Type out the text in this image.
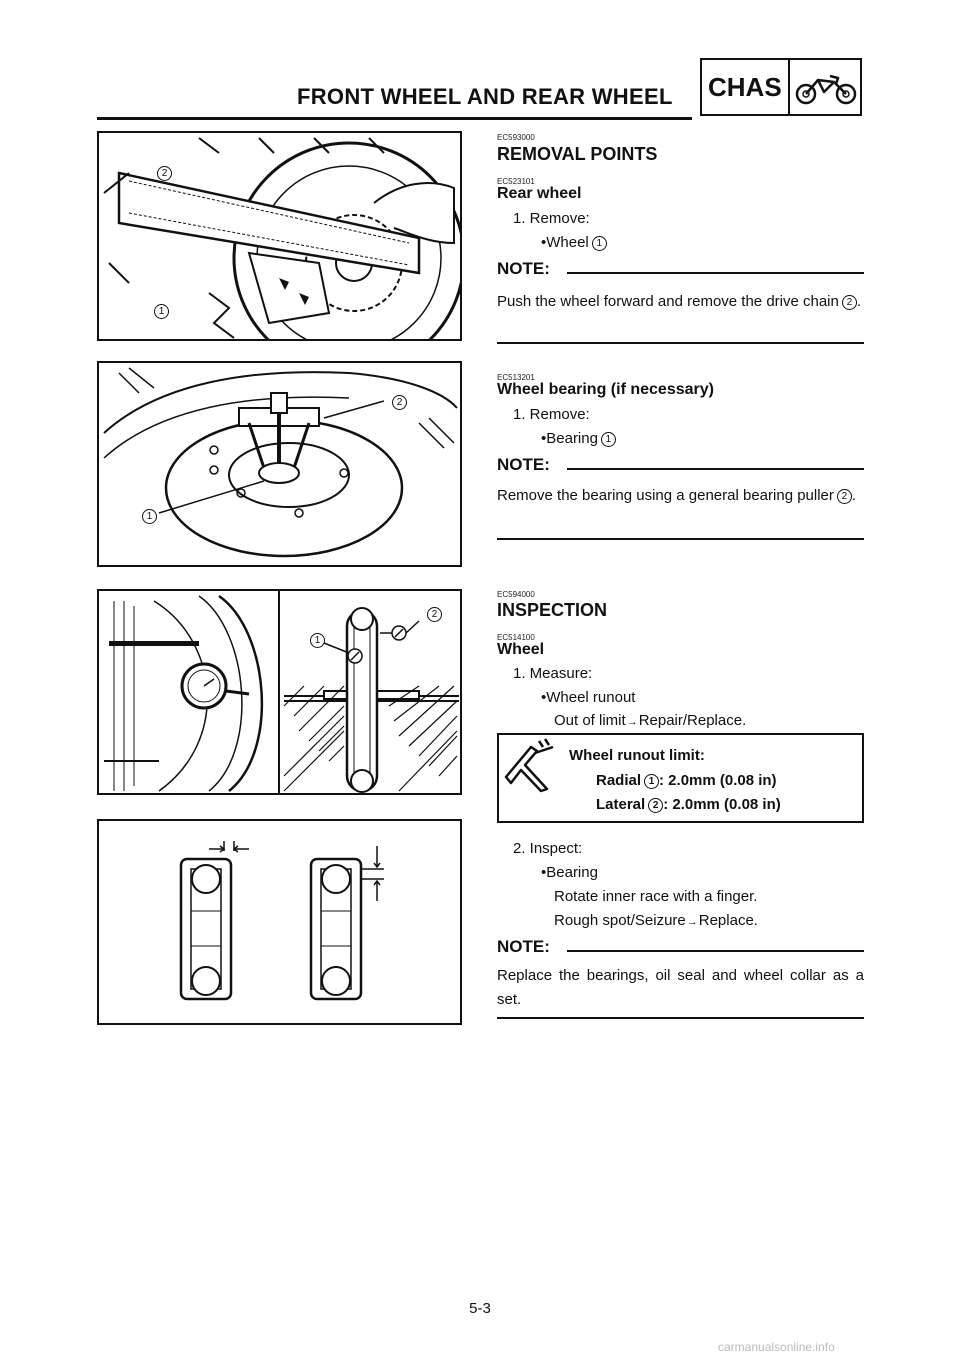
FRONT WHEEL AND REAR WHEEL CHAS
2
1
2
1
1
2
EC593000
REMOVAL POINTS
EC523101
Rear wheel
1. Remove:
•Wheel 1
NOTE:
Push the wheel forward and remove the drive chain 2 .
EC513201
Wheel bearing (if necessary)
1. Remove:
•Bearing 1
NOTE:
Remove the bearing using a general bearing puller 2 .
EC594000
INSPECTION
EC514100
Wheel
1. Measure:
•Wheel runout
Out of limit→Repair/Replace.
Wheel runout limit:
Radial 1 : 2.0mm (0.08 in)
Lateral 2 : 2.0mm (0.08 in)
2. Inspect:
•Bearing
Rotate inner race with a finger.
Rough spot/Seizure→Replace.
NOTE:
Replace the bearings, oil seal and wheel collar as a set.
5-3
carmanualsonline.info
